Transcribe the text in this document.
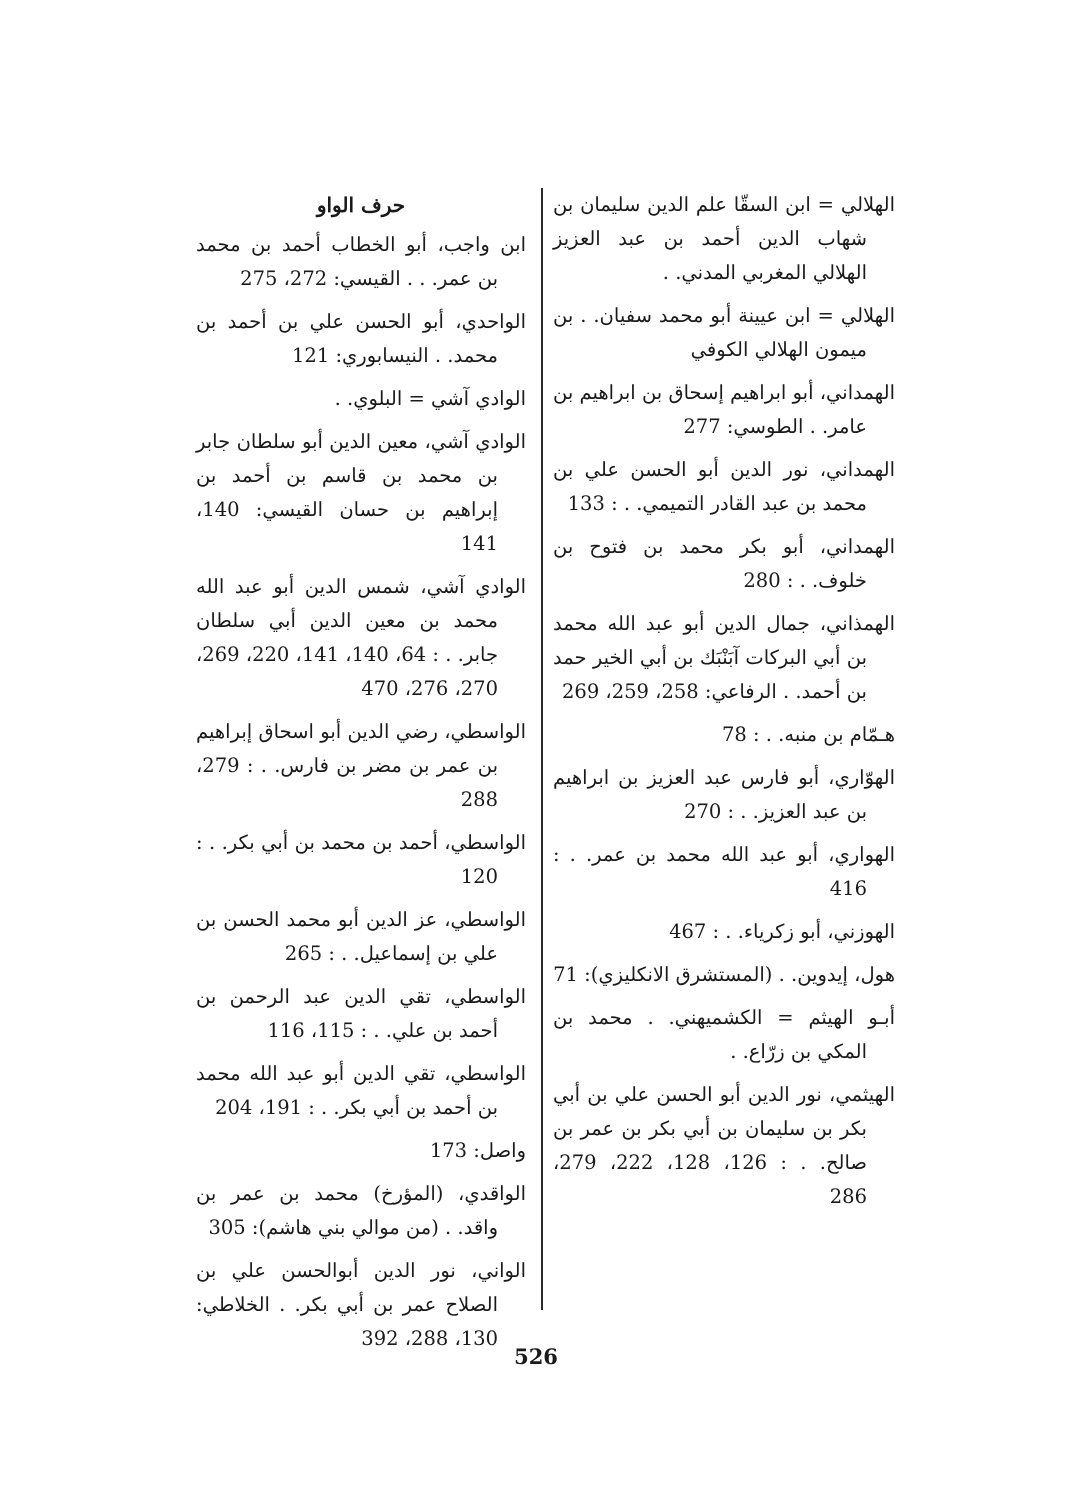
الهلالي = ابن السقّا علم الدين سليمان بن شهاب الدين أحمد بن عبد العزيز الهلالي المغربي المدني. .

الهلالي = ابن عيينة أبو محمد سفيان. . بن ميمون الهلالي الكوفي

الهمداني، أبو ابراهيم إسحاق بن ابراهيم بن عامر. . الطوسي: 277

الهمداني، نور الدين أبو الحسن علي بن محمد بن عبد القادر التميمي. . : 133

الهمداني، أبو بكر محمد بن فتوح بن خلوف. . : 280

الهمذاني، جمال الدين أبو عبد الله محمد بن أبي البركات آبَنْبَك بن أبي الخير حمد بن أحمد. . الرفاعي: 258، 259، 269

هـمّام بن منبه. . : 78

الهوّاري، أبو فارس عبد العزيز بن ابراهيم بن عبد العزيز. . : 270

الهواري، أبو عبد الله محمد بن عمر. . : 416

الهوزني، أبو زكرياء. . : 467

هول، إيدوين. . (المستشرق الانكليزي): 71

أبـو الهيثم = الكشميهني. . محمد بن المكي بن زرّاع. .

الهيثمي، نور الدين أبو الحسن علي بن أبي بكر بن سليمان بن أبي بكر بن عمر بن صالح. . : 126، 128، 222، 279، 286

حرف الواو

ابن واجب، أبو الخطاب أحمد بن محمد بن عمر. . . القيسي: 272، 275

الواحدي، أبو الحسن علي بن أحمد بن محمد. . النيسابوري: 121

الوادي آشي = البلوي. .

الوادي آشي، معين الدين أبو سلطان جابر بن محمد بن قاسم بن أحمد بن إبراهيم بن حسان القيسي: 140، 141

الوادي آشي، شمس الدين أبو عبد الله محمد بن معين الدين أبي سلطان جابر. . : 64، 140، 141، 220، 269، 270، 276، 470

الواسطي، رضي الدين أبو اسحاق إبراهيم بن عمر بن مضر بن فارس. . : 279، 288

الواسطي، أحمد بن محمد بن أبي بكر. . : 120

الواسطي، عز الدين أبو محمد الحسن بن علي بن إسماعيل. . : 265

الواسطي، تقي الدين عبد الرحمن بن أحمد بن علي. . : 115، 116

الواسطي، تقي الدين أبو عبد الله محمد بن أحمد بن أبي بكر. . : 191، 204

واصل: 173

الواقدي، (المؤرخ) محمد بن عمر بن واقد. . (من موالي بني هاشم): 305

الواني، نور الدين أبوالحسن علي بن الصلاح عمر بن أبي بكر. . الخلاطي: 130، 288، 392

526
